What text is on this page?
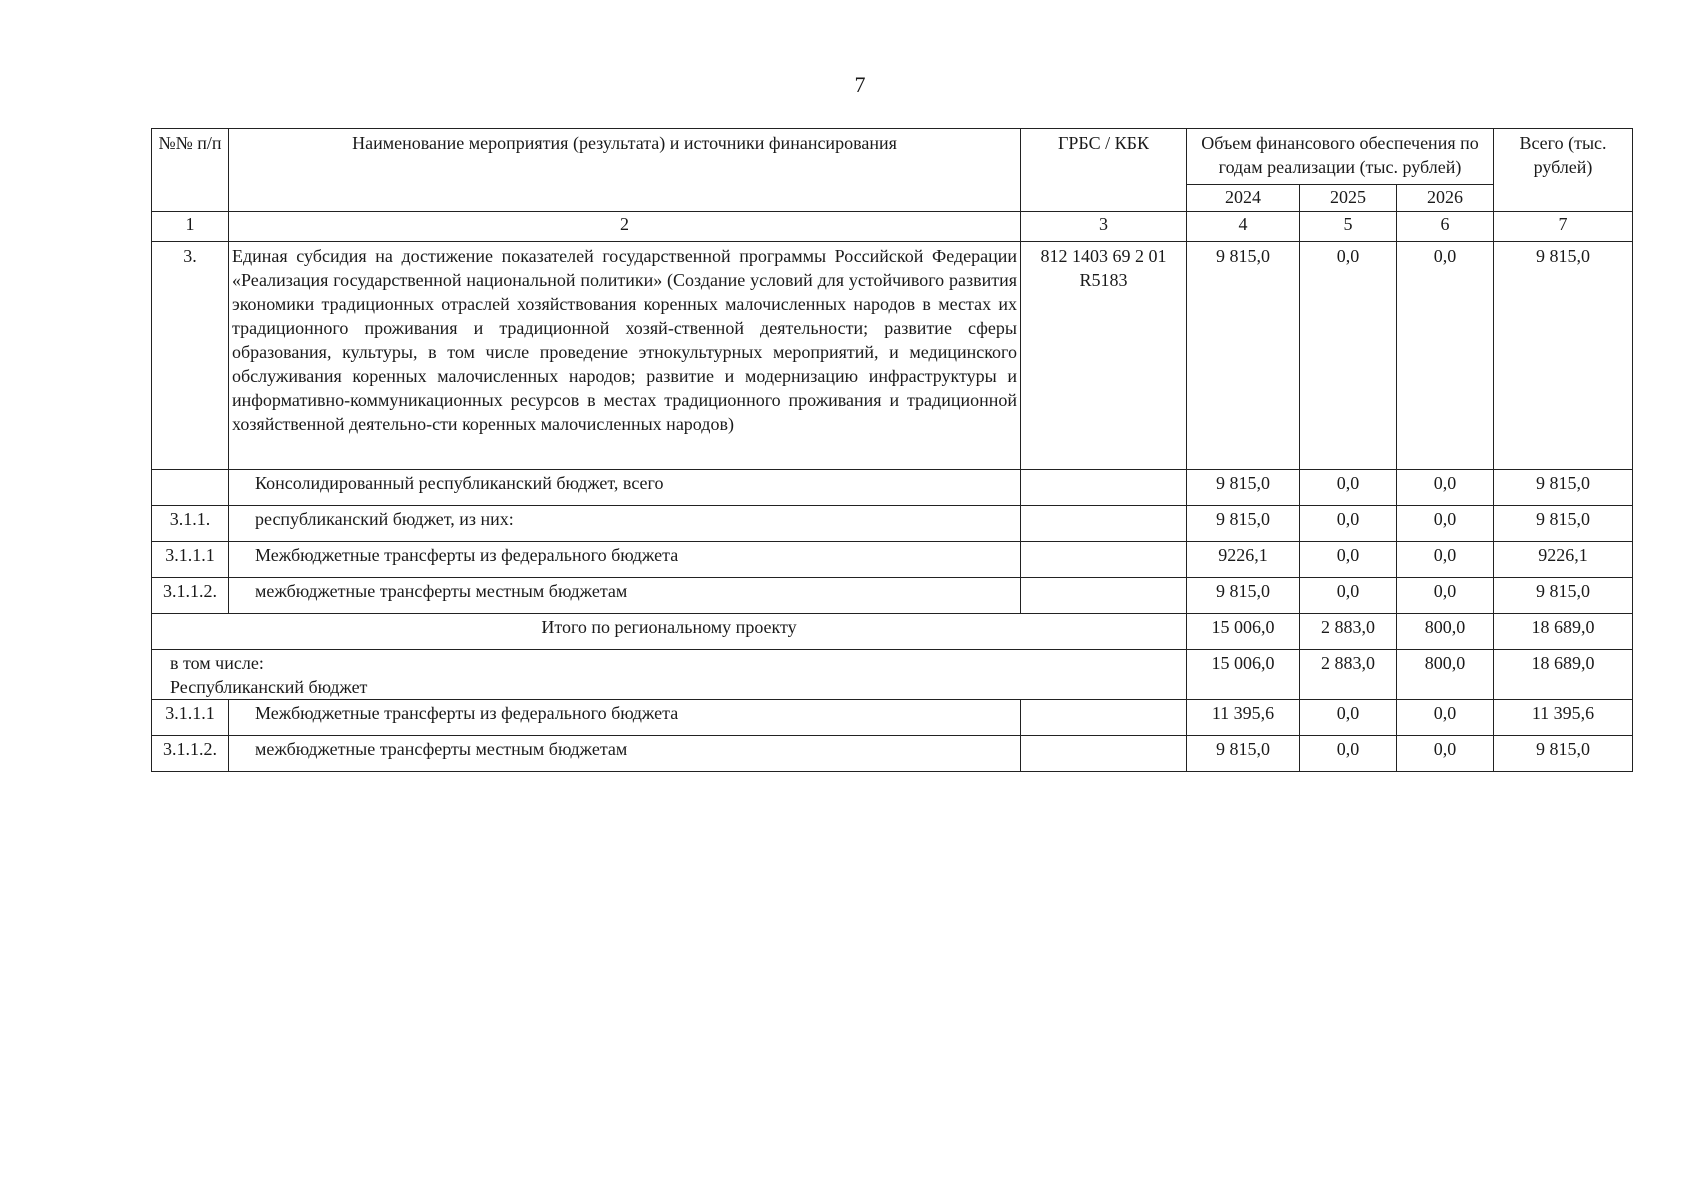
7
№№ п/п	Наименование мероприятия (результата) и источники финансирования	ГРБС / КБК	Объем финансового обеспечения по годам реализации (тыс. рублей)			Всего (тыс. рублей)
			2024	2025	2026	
1	2	3	4	5	6	7
3.	Единая субсидия на достижение показателей государственной программы Российской Федерации «Реализация государственной национальной политики» (Создание условий для устойчивого развития экономики традиционных отраслей хозяйствования коренных малочисленных народов в местах их традиционного проживания и традиционной хозяй-ственной деятельности; развитие сферы образования, культуры, в том числе проведение этнокультурных мероприятий, и медицинского обслуживания коренных малочисленных народов; развитие и модернизацию инфраструктуры и информативно-коммуникационных ресурсов в местах традиционного проживания и традиционной хозяйственной деятельно-сти коренных малочисленных народов)	812 1403 69 2 01 R5183	9 815,0	0,0	0,0	9 815,0
	Консолидированный республиканский бюджет, всего		9 815,0	0,0	0,0	9 815,0
3.1.1.	республиканский бюджет, из них:		9 815,0	0,0	0,0	9 815,0
3.1.1.1	Межбюджетные трансферты из федерального бюджета		9226,1	0,0	0,0	9226,1
3.1.1.2.	межбюджетные трансферты местным бюджетам		9 815,0	0,0	0,0	9 815,0
Итого по региональному проекту			15 006,0	2 883,0	800,0	18 689,0

в том числе:
Республиканский бюджет			15 006,0	2 883,0	800,0	18 689,0
3.1.1.1	Межбюджетные трансферты из федерального бюджета		11 395,6	0,0	0,0	11 395,6
3.1.1.2.	межбюджетные трансферты местным бюджетам		9 815,0	0,0	0,0	9 815,0
